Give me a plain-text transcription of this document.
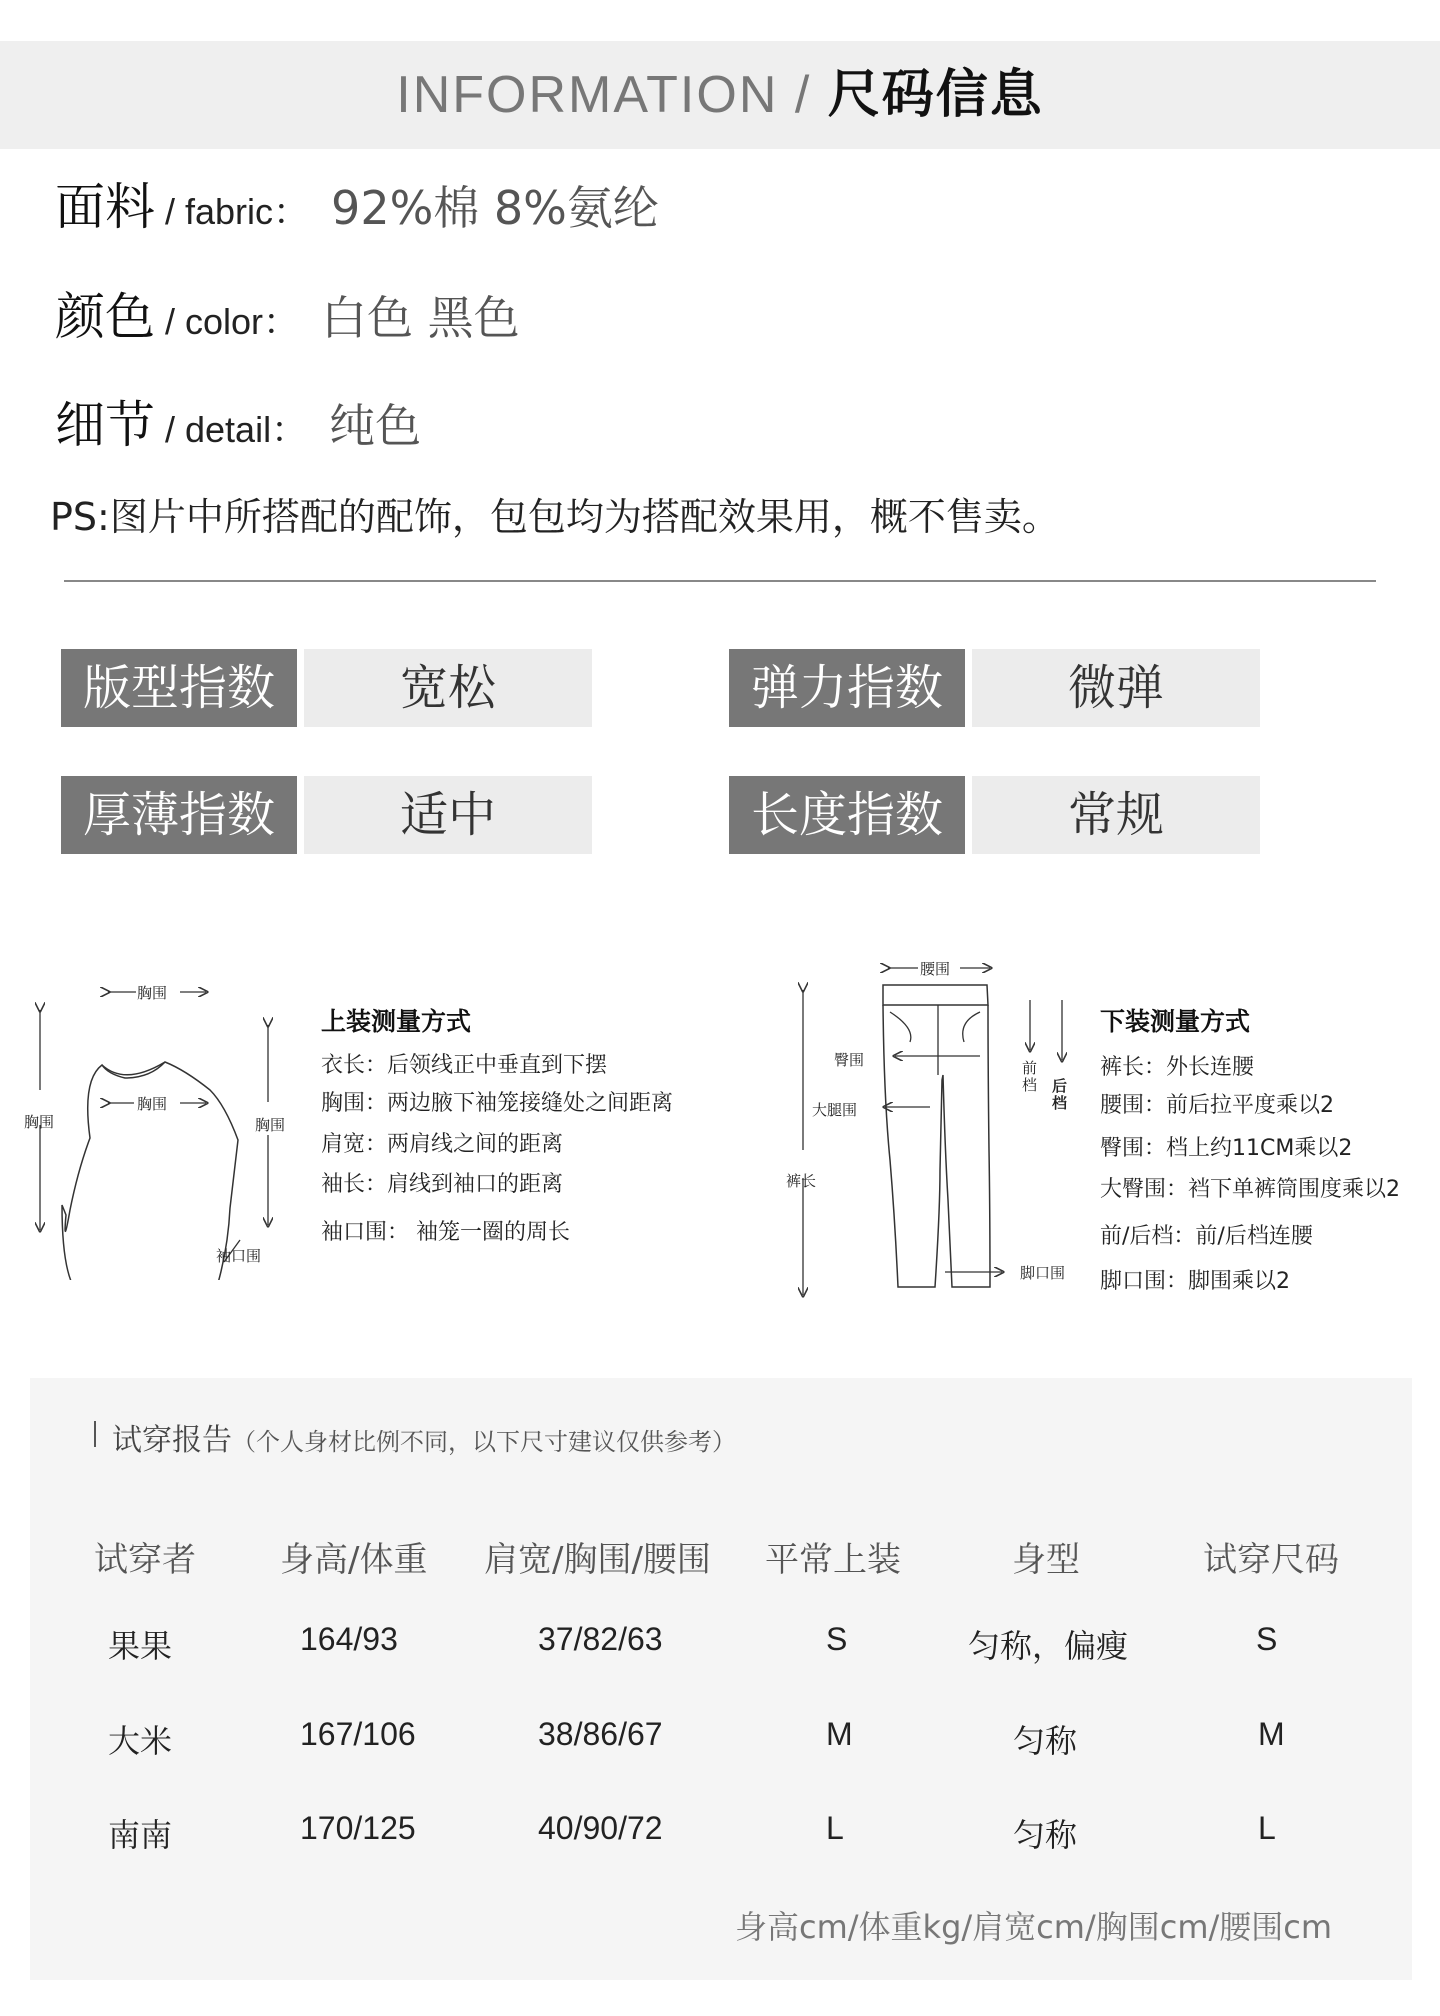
INFORMATION / 尺码信息
面料 / fabric： 92%棉 8%氨纶
颜色 / color： 白色 黑色
细节 / detail： 纯色
PS:图片中所搭配的配饰，包包均为搭配效果用，概不售卖。
版型指数	宽松	弹力指数	微弹
厚薄指数	适中	长度指数	常规
胸围
胸围
胸围	胸围
袖口围
上装测量方式
衣长：后领线正中垂直到下摆
胸围：两边腋下袖笼接缝处之间距离
肩宽：两肩线之间的距离
袖长：肩线到袖口的距离
袖口围： 袖笼一圈的周长
腰围
臀围
大腿围
裤长
脚口围
前档 后档
下装测量方式
裤长：外长连腰
腰围：前后拉平度乘以2
臀围：档上约11CM乘以2
大臀围：裆下单裤筒围度乘以2
前/后档：前/后档连腰
脚口围：脚围乘以2
试穿报告（个人身材比例不同，以下尺寸建议仅供参考）
试穿者 身高/体重 肩宽/胸围/腰围 平常上装	身型	试穿尺码
果果	164/93	37/82/63	S	匀称，偏瘦	S
大米	167/106	38/86/67	M	匀称	M
南南	170/125	40/90/72	L	匀称	L
身高cm/体重kg/肩宽cm/胸围cm/腰围cm
